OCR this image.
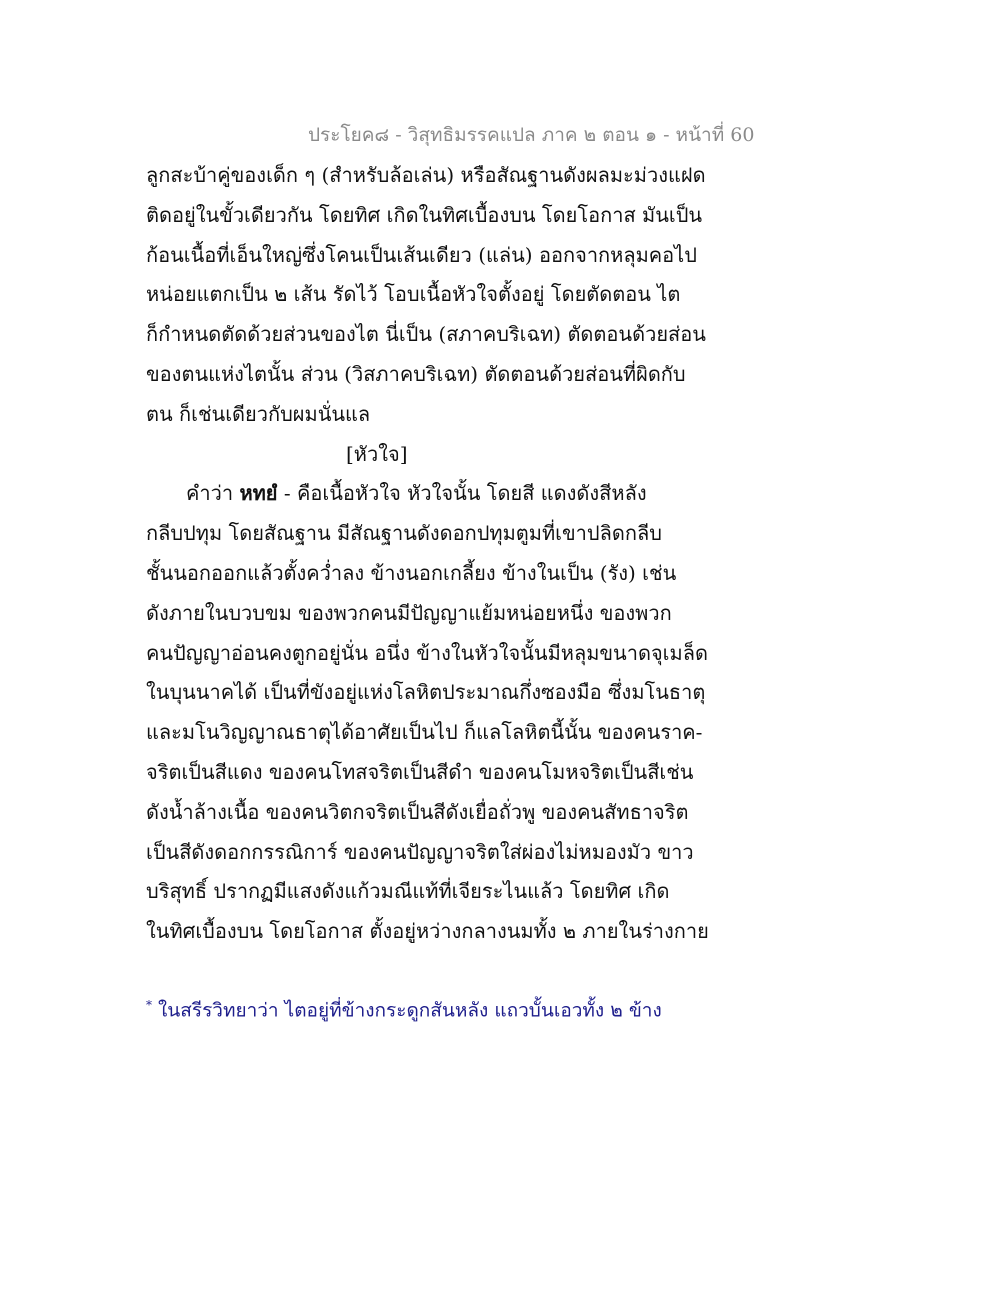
ประโยค๘ - วิสุทธิมรรคแปล ภาค ๒ ตอน ๑ - หน้าที่ 60
ลูกสะบ้าคู่ของเด็ก ๆ (สำหรับล้อเล่น) หรือสัณฐานดังผลมะม่วงแฝด
ติดอยู่ในขั้วเดียวกัน โดยทิศ เกิดในทิศเบื้องบน โดยโอกาส มันเป็น
ก้อนเนื้อที่เอ็นใหญ่ซึ่งโคนเป็นเส้นเดียว (แล่น) ออกจากหลุมคอไป
หน่อยแตกเป็น ๒ เส้น รัดไว้ โอบเนื้อหัวใจตั้งอยู่ โดยตัดตอน ไต
ก็กำหนดตัดด้วยส่วนของไต นี่เป็น (สภาคบริเฉท) ตัดตอนด้วยส่อน
ของตนแห่งไตนั้น ส่วน (วิสภาคบริเฉท) ตัดตอนด้วยส่อนที่ผิดกับ
ตน ก็เช่นเดียวกับผมนั่นแล
[หัวใจ]
คำว่า หทยํ - คือเนื้อหัวใจ หัวใจนั้น โดยสี แดงดังสีหลัง
กลีบปทุม โดยสัณฐาน มีสัณฐานดังดอกปทุมตูมที่เขาปลิดกลีบ
ชั้นนอกออกแล้วตั้งคว่ำลง ข้างนอกเกลี้ยง ข้างในเป็น (รัง) เช่น
ดังภายในบวบขม ของพวกคนมีปัญญาแย้มหน่อยหนึ่ง ของพวก
คนปัญญาอ่อนคงตูกอยู่นั่น อนึ่ง ข้างในหัวใจนั้นมีหลุมขนาดจุเมล็ด
ในบุนนาคได้ เป็นที่ขังอยู่แห่งโลหิตประมาณกึ่งซองมือ ซึ่งมโนธาตุ
และมโนวิญญาณธาตุได้อาศัยเป็นไป ก็แลโลหิตนี้นั้น ของคนราค-
จริตเป็นสีแดง ของคนโทสจริตเป็นสีดำ ของคนโมหจริตเป็นสีเช่น
ดังน้ำล้างเนื้อ ของคนวิตกจริตเป็นสีดังเยื่อถั่วพู ของคนสัทธาจริต
เป็นสีดังดอกกรรณิการ์ ของคนปัญญาจริตใส่ผ่องไม่หมองมัว ขาว
บริสุทธิ์ ปรากฏมีแสงดังแก้วมณีแท้ที่เจียระไนแล้ว โดยทิศ เกิด
ในทิศเบื้องบน โดยโอกาส ตั้งอยู่หว่างกลางนมทั้ง ๒ ภายในร่างกาย
* ในสรีรวิทยาว่า ไตอยู่ที่ข้างกระดูกสันหลัง แถวบั้นเอวทั้ง ๒ ข้าง
